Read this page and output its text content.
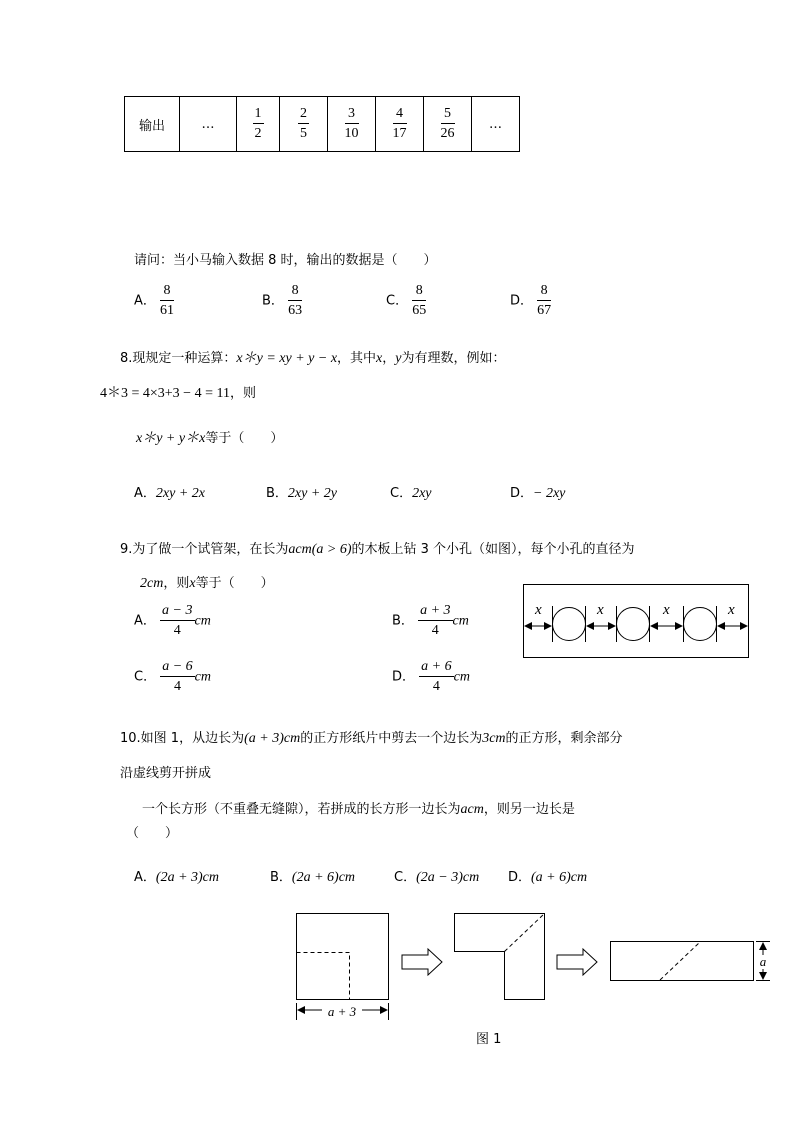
输出	…	$\frac{1}{2}$	$\frac{2}{5}$	$\frac{3}{10}$	$\frac{4}{17}$	$\frac{5}{26}$	…
请问：当小马输入数据 8 时，输出的数据是（　　）
A． $\frac{8}{61}$	B． $\frac{8}{63}$	C． $\frac{8}{65}$	D． $\frac{8}{67}$
8.现规定一种运算：x＊y = xy + y − x，其中x，y为有理数，例如：
4＊3 = 4×3+3 − 4 = 11，则
x＊y + y＊x等于（　　）
A．2xy + 2x	B．2xy + 2y	C．2xy	D．− 2xy
9.为了做一个试管架，在长为acm(a > 6)的木板上钻 3 个小孔（如图），每个小孔的直径为
2cm，则x等于（　　）
A． $\frac{a - 3}{4}$ cm	B． $\frac{a + 3}{4}$ cm
C． $\frac{a - 6}{4}$ cm	D． $\frac{a + 6}{4}$ cm
x	x	x	x
10.如图 1，从边长为(a + 3)cm的正方形纸片中剪去一个边长为3cm的正方形，剩余部分
沿虚线剪开拼成
一个长方形（不重叠无缝隙），若拼成的长方形一边长为acm，则另一边长是
（　　）
A．(2a + 3)cm	B．(2a + 6)cm	C．(2a − 3)cm D．(a + 6)cm
a + 3
a
图 1
